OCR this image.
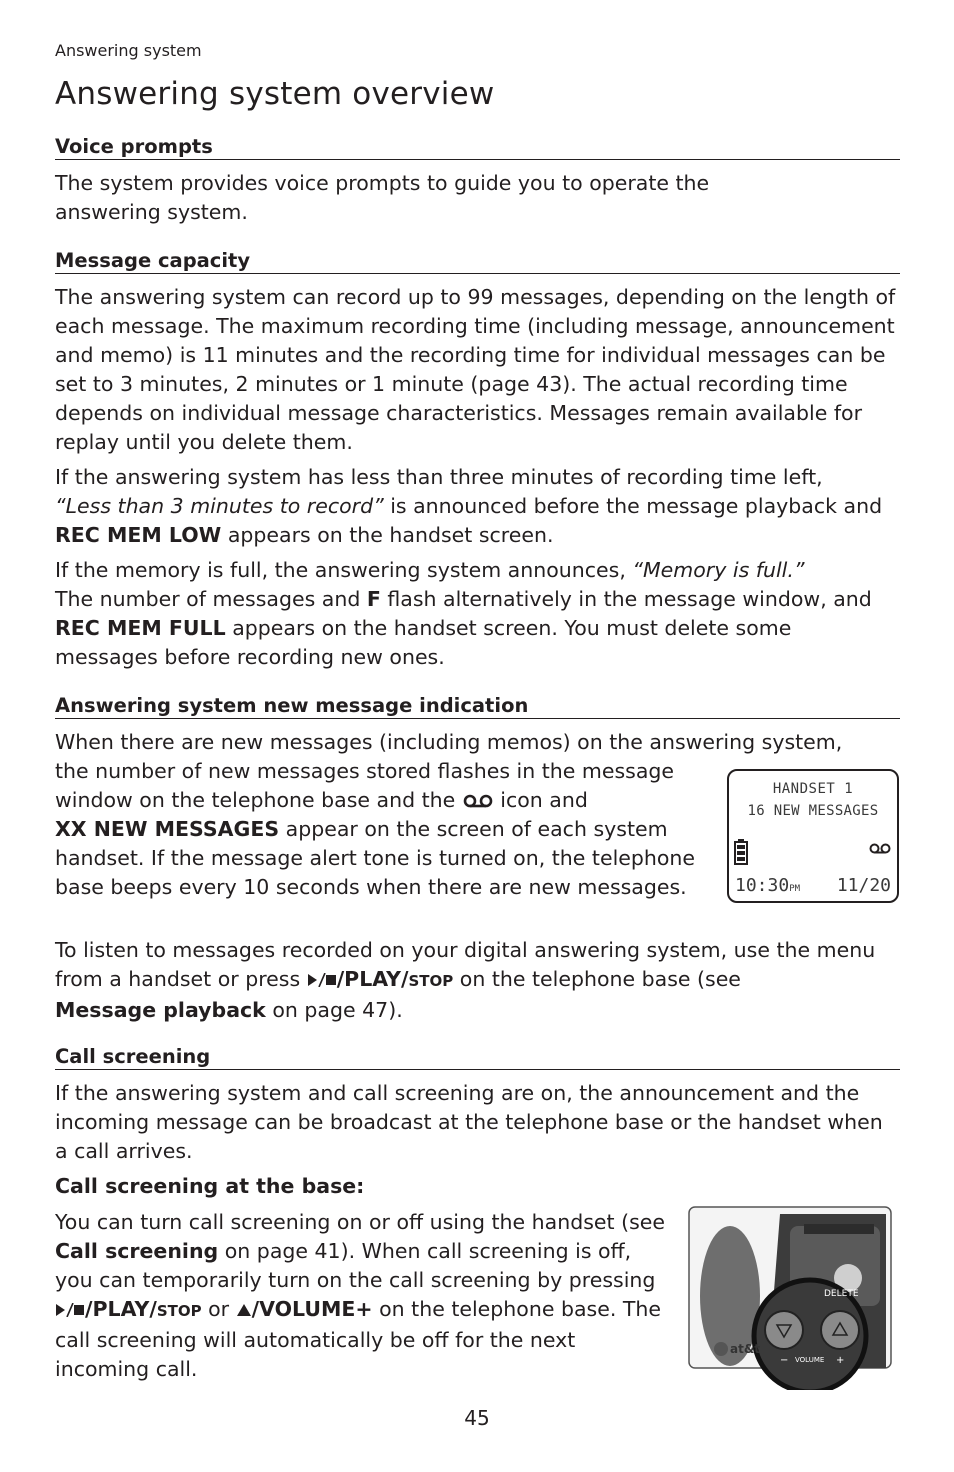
Answering system
Answering system overview
Voice prompts

The system provides voice prompts to guide you to operate the answering system.

Message capacity

The answering system can record up to 99 messages, depending on the length of each message. The maximum recording time (including message, announcement and memo) is 11 minutes and the recording time for individual messages can be set to 3 minutes, 2 minutes or 1 minute (page 43). The actual recording time depends on individual message characteristics. Messages remain available for replay until you delete them.

If the answering system has less than three minutes of recording time left,
“Less than 3 minutes to record” is announced before the message playback and REC MEM LOW appears on the handset screen.

If the memory is full, the answering system announces, “Memory is full.”
The number of messages and F flash alternatively in the message window, and REC MEM FULL appears on the handset screen. You must delete some messages before recording new ones.

Answering system new message indication

When there are new messages (including memos) on the answering system,

the number of new messages stored flashes in the message window on the telephone base and the  icon and
XX NEW MESSAGES appear on the screen of each system handset. If the message alert tone is turned on, the telephone base beeps every 10 seconds when there are new messages.

HANDSET 1
16 NEW MESSAGES
10:30PM 11/20

To listen to messages recorded on your digital answering system, use the menu from a handset or press /PLAY/STOP on the telephone base (see
Message playback on page 47).

Call screening

If the answering system and call screening are on, the announcement and the incoming message can be broadcast at the telephone base or the handset when a call arrives.

Call screening at the base:

You can turn call screening on or off using the handset (see Call screening on page 41). When call screening is off, you can temporarily turn on the call screening by pressing /PLAY/STOP or /VOLUME+ on the telephone base. The call screening will automatically be off for the next incoming call.

DELETE
− VOLUME +
at&t
45
